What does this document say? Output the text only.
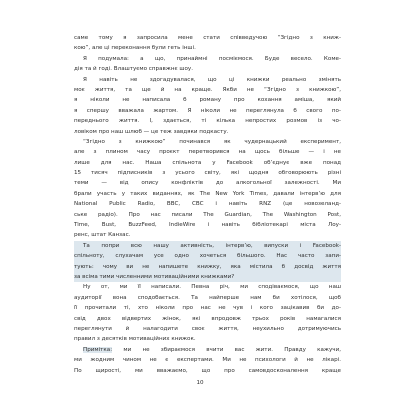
саме тому я запросила мене стати співведучою “Згідно з книж-
кою”, але ці переконання були геть інші.
Я подумала: а що, принаймні посміємося. Буде весело. Коме-
дія та й годі. Влаштуємо справжнє шоу.
Я навіть не здогадувалася, що ці книжки реально змінять
моє життя, та ще й на краще. Якби не “Згідно з книжкою”,
я ніколи не написала б роману про кохання аміша, який
я спершу вважала жартом. Я ніколи не переглянула б свого по-
переднього життя. І, здається, ті кілька непростих розмов із чо-
ловіком про наш шлюб — це теж завдяки подкасту.
“Згідно з книжкою” починався як чудернацький експеримент,
але з плином часу проєкт перетворився на щось більше — і не
лише для нас. Наша спільнота у Facebook об’єднує вже понад
15 тисяч підписників з усього світу, які щодня обговорюють різні
теми — від опису конфліктів до алкогольної залежності. Ми
брали участь у таких виданнях, як The New York Times, давали інтерв’ю для
National Public Radio, BBC, CBC і навіть RNZ (це новозеланд-
ське радіо). Про нас писали The Guardian, The Washington Post,
Time, Bust, BuzzFeed, IndieWire і навіть бібліотекарі міста Лоу-
ренс, штат Канзас.
Та попри всю нашу активність, інтерв’ю, випуски і Facebook-
спільноту, слухачам усе одно хочеться більшого. Нас часто запи-
тують: чому ви не напишете книжку, яка містила б досвід життя
за всіма тими численними мотиваційними книжками?
Ну от, ми її написали. Певна річ, ми сподіваємося, що наш
аудиторії вона сподобається. Та найперше нам би хотілося, щоб
її прочитали ті, хто ніколи про нас не чув і кого зацікавив би до-
свід двох відвертих жінок, які впродовж трьох років намагалися
переглянути й налагодити своє життя, неухильно дотримуючись
правил з десятків мотиваційних книжок.
Примітка: ми не збираємося вчити вас жити. Правду кажучи,
ми жодним чином не є експертами. Ми не психологи й не лікарі.
По щирості, ми вважаємо, що про самовдосконалення краще
10
